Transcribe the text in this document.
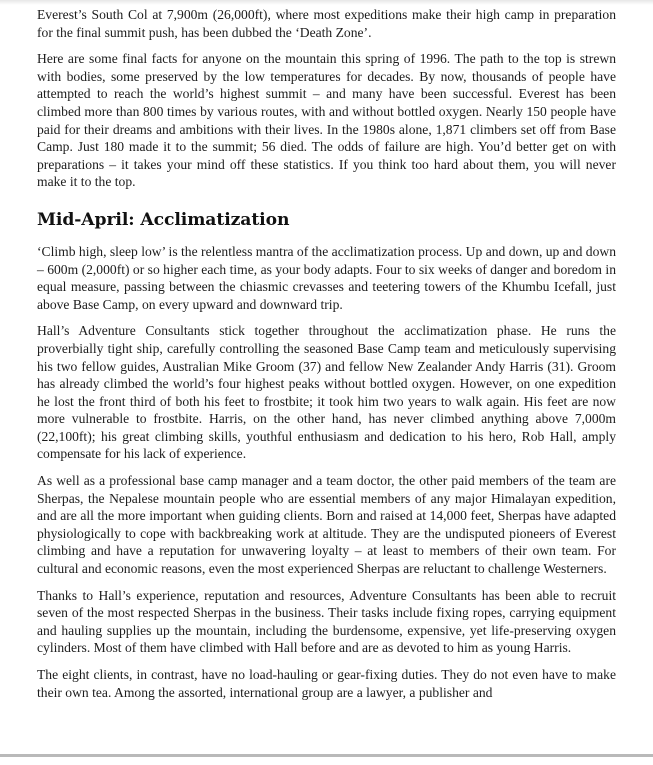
Everest’s South Col at 7,900m (26,000ft), where most expeditions make their high camp in preparation for the final summit push, has been dubbed the ‘Death Zone’.

Here are some final facts for anyone on the mountain this spring of 1996. The path to the top is strewn with bodies, some preserved by the low temperatures for decades. By now, thousands of people have attempted to reach the world’s highest summit – and many have been successful. Everest has been climbed more than 800 times by various routes, with and without bottled oxygen. Nearly 150 people have paid for their dreams and ambitions with their lives. In the 1980s alone, 1,871 climbers set off from Base Camp. Just 180 made it to the summit; 56 died. The odds of failure are high. You’d better get on with preparations – it takes your mind off these statistics. If you think too hard about them, you will never make it to the top.

Mid-April: Acclimatization

‘Climb high, sleep low’ is the relentless mantra of the acclimatization process. Up and down, up and down – 600m (2,000ft) or so higher each time, as your body adapts. Four to six weeks of danger and boredom in equal measure, passing between the chiasmic crevasses and teetering towers of the Khumbu Icefall, just above Base Camp, on every upward and downward trip.

Hall’s Adventure Consultants stick together throughout the acclimatization phase. He runs the proverbially tight ship, carefully controlling the seasoned Base Camp team and meticulously supervising his two fellow guides, Australian Mike Groom (37) and fellow New Zealander Andy Harris (31). Groom has already climbed the world’s four highest peaks without bottled oxygen. However, on one expedition he lost the front third of both his feet to frostbite; it took him two years to walk again. His feet are now more vulnerable to frostbite. Harris, on the other hand, has never climbed anything above 7,000m (22,100ft); his great climbing skills, youthful enthusiasm and dedication to his hero, Rob Hall, amply compensate for his lack of experience.

As well as a professional base camp manager and a team doctor, the other paid members of the team are Sherpas, the Nepalese mountain people who are essential members of any major Himalayan expedition, and are all the more important when guiding clients. Born and raised at 14,000 feet, Sherpas have adapted physiologically to cope with backbreaking work at altitude. They are the undisputed pioneers of Everest climbing and have a reputation for unwavering loyalty – at least to members of their own team. For cultural and economic reasons, even the most experienced Sherpas are reluctant to challenge Westerners.

Thanks to Hall’s experience, reputation and resources, Adventure Consultants has been able to recruit seven of the most respected Sherpas in the business. Their tasks include fixing ropes, carrying equipment and hauling supplies up the mountain, including the burdensome, expensive, yet life-preserving oxygen cylinders. Most of them have climbed with Hall before and are as devoted to him as young Harris.

The eight clients, in contrast, have no load-hauling or gear-fixing duties. They do not even have to make their own tea. Among the assorted, international group are a lawyer, a publisher and
